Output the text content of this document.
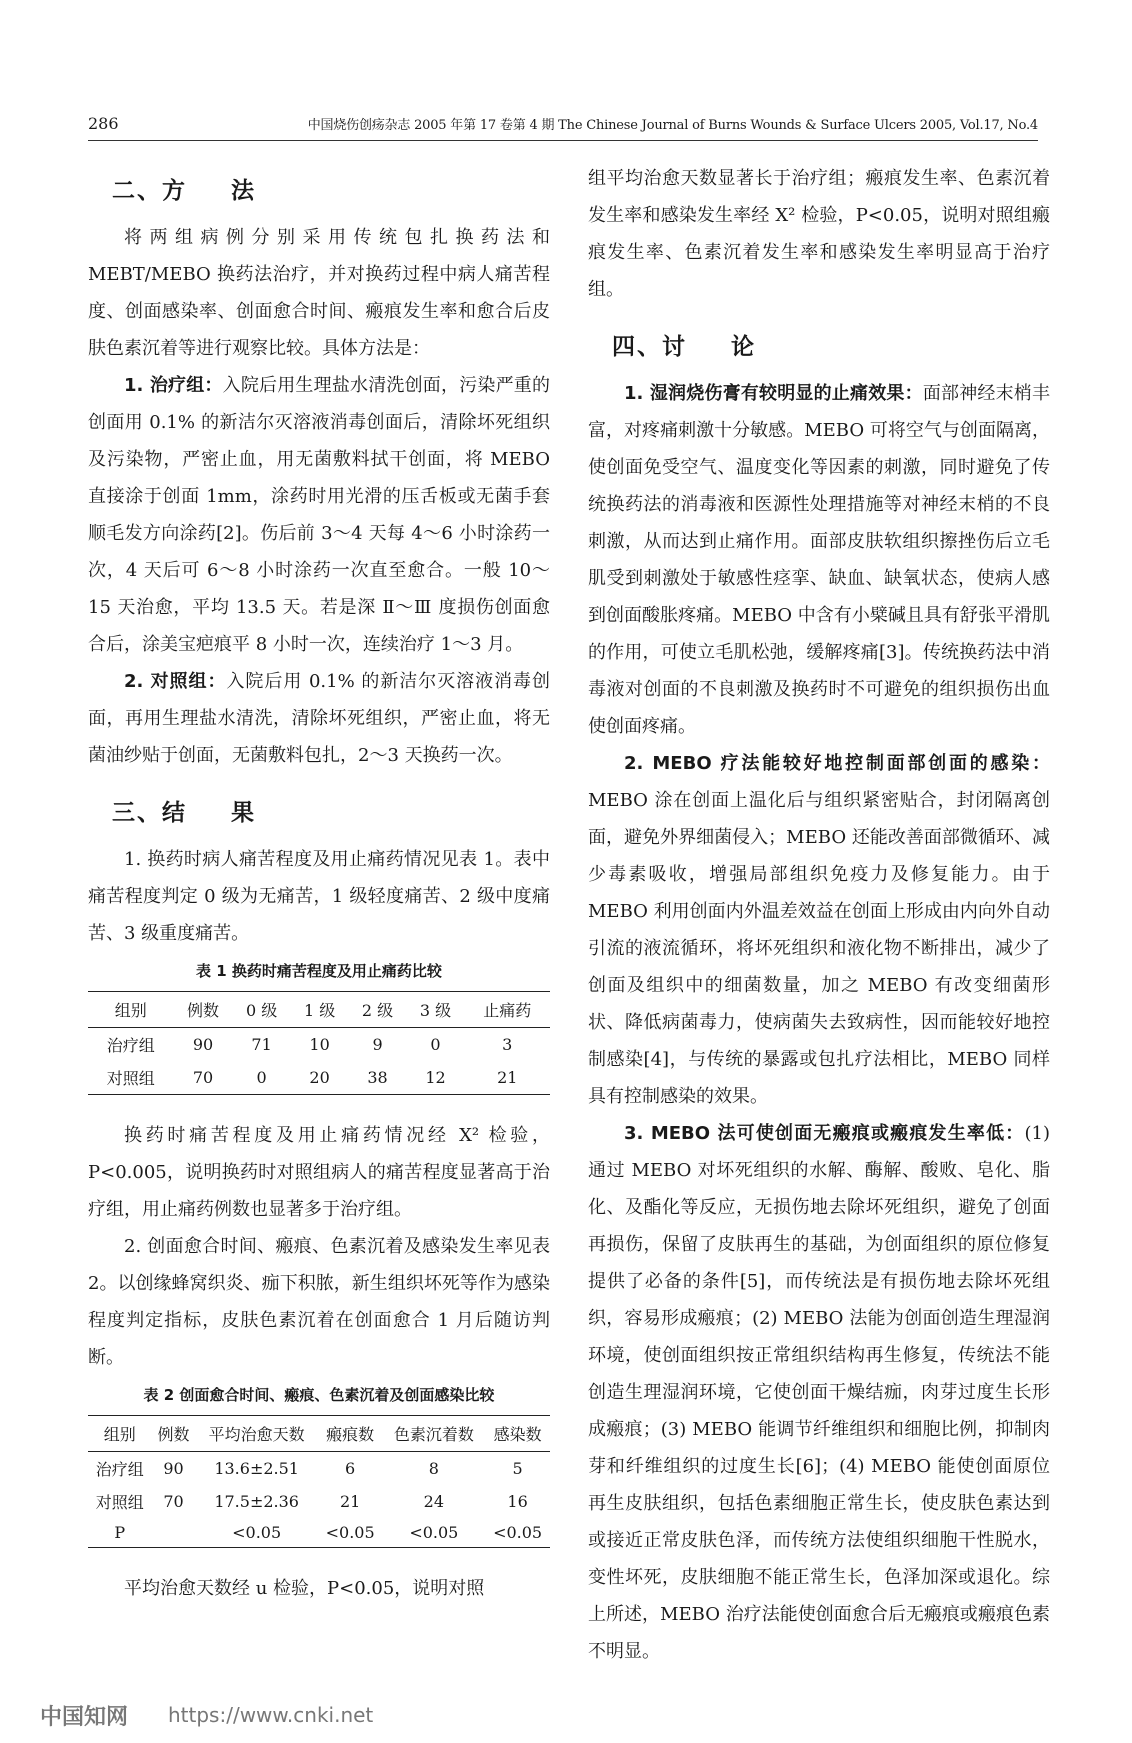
286	中国烧伤创疡杂志 2005 年第 17 卷第 4 期 The Chinese Journal of Burns Wounds & Surface Ulcers 2005, Vol.17, No.4
二、方 法

将两组病例分别采用传统包扎换药法和 MEBT/MEBO 换药法治疗，并对换药过程中病人痛苦程度、创面感染率、创面愈合时间、瘢痕发生率和愈合后皮肤色素沉着等进行观察比较。具体方法是：

1. 治疗组：入院后用生理盐水清洗创面，污染严重的创面用 0.1% 的新洁尔灭溶液消毒创面后，清除坏死组织及污染物，严密止血，用无菌敷料拭干创面，将 MEBO 直接涂于创面 1mm，涂药时用光滑的压舌板或无菌手套顺毛发方向涂药[2]。伤后前 3～4 天每 4～6 小时涂药一次，4 天后可 6～8 小时涂药一次直至愈合。一般 10～15 天治愈，平均 13.5 天。若是深 Ⅱ～Ⅲ 度损伤创面愈合后，涂美宝疤痕平 8 小时一次，连续治疗 1～3 月。

2. 对照组：入院后用 0.1% 的新洁尔灭溶液消毒创面，再用生理盐水清洗，清除坏死组织，严密止血，将无菌油纱贴于创面，无菌敷料包扎，2～3 天换药一次。

三、结 果

1. 换药时病人痛苦程度及用止痛药情况见表 1。表中痛苦程度判定 0 级为无痛苦，1 级轻度痛苦、2 级中度痛苦、3 级重度痛苦。

表 1 换药时痛苦程度及用止痛药比较
组别	例数	0 级	1 级	2 级	3 级	止痛药
治疗组	90	71	10	9	0	3
对照组	70	0	20	38	12	21

换药时痛苦程度及用止痛药情况经 X² 检验，P<0.005，说明换药时对照组病人的痛苦程度显著高于治疗组，用止痛药例数也显著多于治疗组。

2. 创面愈合时间、瘢痕、色素沉着及感染发生率见表 2。以创缘蜂窝织炎、痂下积脓，新生组织坏死等作为感染程度判定指标，皮肤色素沉着在创面愈合 1 月后随访判断。

表 2 创面愈合时间、瘢痕、色素沉着及创面感染比较
组别	例数	平均治愈天数	瘢痕数	色素沉着数	感染数
治疗组	90	13.6±2.51	6	8	5
对照组	70	17.5±2.36	21	24	16
P		<0.05	<0.05	<0.05	<0.05

平均治愈天数经 u 检验，P<0.05，说明对照

组平均治愈天数显著长于治疗组；瘢痕发生率、色素沉着发生率和感染发生率经 X² 检验，P<0.05，说明对照组瘢痕发生率、色素沉着发生率和感染发生率明显高于治疗组。

四、讨 论

1. 湿润烧伤膏有较明显的止痛效果：面部神经末梢丰富，对疼痛刺激十分敏感。MEBO 可将空气与创面隔离，使创面免受空气、温度变化等因素的刺激，同时避免了传统换药法的消毒液和医源性处理措施等对神经末梢的不良刺激，从而达到止痛作用。面部皮肤软组织擦挫伤后立毛肌受到刺激处于敏感性痉挛、缺血、缺氧状态，使病人感到创面酸胀疼痛。MEBO 中含有小檗碱且具有舒张平滑肌的作用，可使立毛肌松弛，缓解疼痛[3]。传统换药法中消毒液对创面的不良刺激及换药时不可避免的组织损伤出血使创面疼痛。

2. MEBO 疗法能较好地控制面部创面的感染：MEBO 涂在创面上温化后与组织紧密贴合，封闭隔离创面，避免外界细菌侵入；MEBO 还能改善面部微循环、减少毒素吸收，增强局部组织免疫力及修复能力。由于 MEBO 利用创面内外温差效益在创面上形成由内向外自动引流的液流循环，将坏死组织和液化物不断排出，减少了创面及组织中的细菌数量，加之 MEBO 有改变细菌形状、降低病菌毒力，使病菌失去致病性，因而能较好地控制感染[4]，与传统的暴露或包扎疗法相比，MEBO 同样具有控制感染的效果。

3. MEBO 法可使创面无瘢痕或瘢痕发生率低：(1) 通过 MEBO 对坏死组织的水解、酶解、酸败、皂化、脂化、及酯化等反应，无损伤地去除坏死组织，避免了创面再损伤，保留了皮肤再生的基础，为创面组织的原位修复提供了必备的条件[5]，而传统法是有损伤地去除坏死组织，容易形成瘢痕；(2) MEBO 法能为创面创造生理湿润环境，使创面组织按正常组织结构再生修复，传统法不能创造生理湿润环境，它使创面干燥结痂，肉芽过度生长形成瘢痕；(3) MEBO 能调节纤维组织和细胞比例，抑制肉芽和纤维组织的过度生长[6]；(4) MEBO 能使创面原位再生皮肤组织，包括色素细胞正常生长，使皮肤色素达到或接近正常皮肤色泽，而传统方法使组织细胞干性脱水，变性坏死，皮肤细胞不能正常生长，色泽加深或退化。综上所述，MEBO 治疗法能使创面愈合后无瘢痕或瘢痕色素不明显。

中国知网 https://www.cnki.net
